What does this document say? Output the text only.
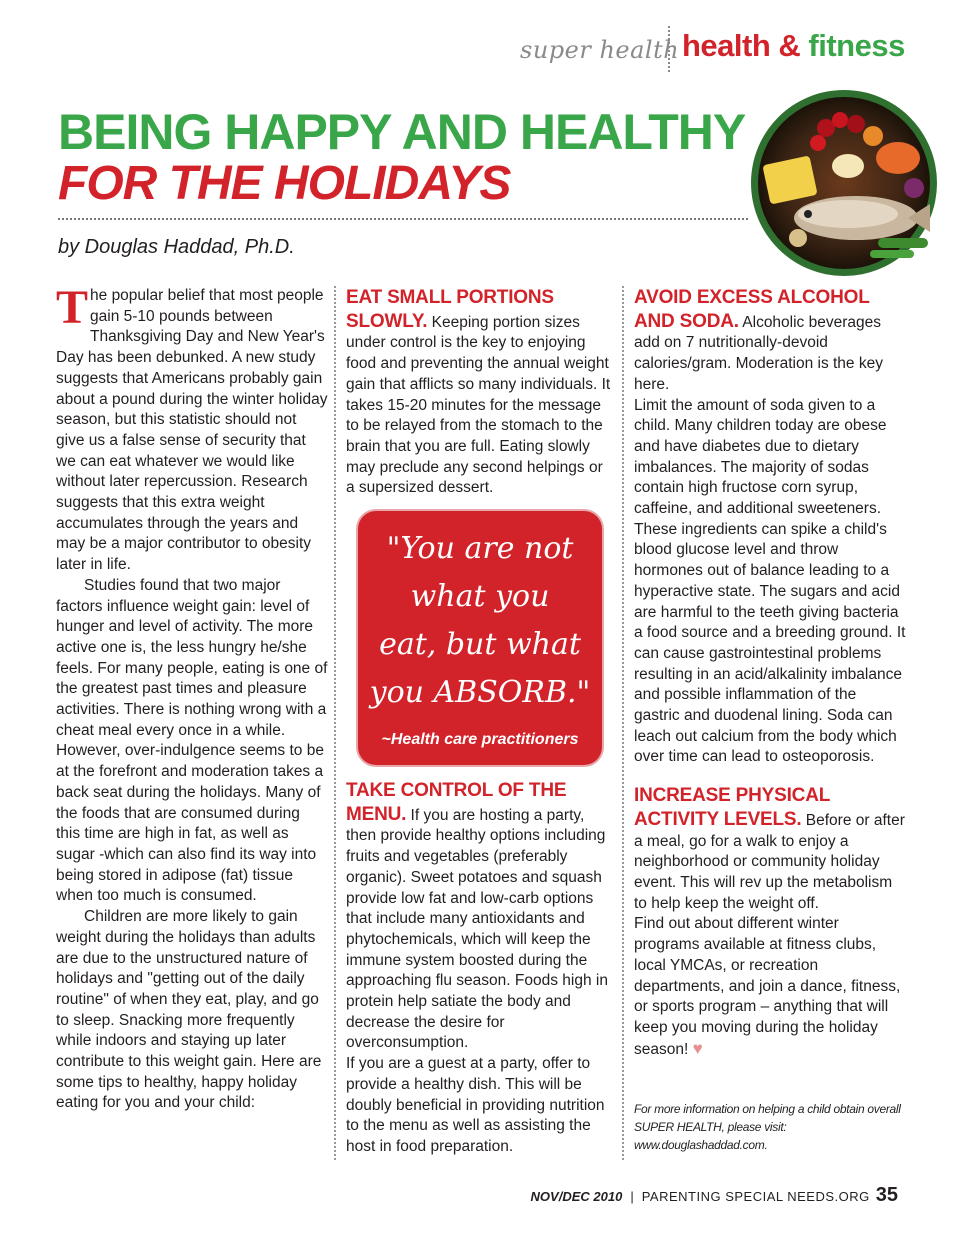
super health health & fitness
BEING HAPPY AND HEALTHY
FOR THE HOLIDAYS
by Douglas Haddad, Ph.D.

The popular belief that most people gain 5-10 pounds between Thanksgiving Day and New Year's Day has been debunked. A new study suggests that Americans probably gain about a pound during the winter holiday season, but this statistic should not give us a false sense of security that we can eat whatever we would like without later repercussion. Research suggests that this extra weight accumulates through the years and may be a major contributor to obesity later in life.

Studies found that two major factors influence weight gain: level of hunger and level of activity. The more active one is, the less hungry he/she feels. For many people, eating is one of the greatest past times and pleasure activities. There is nothing wrong with a cheat meal every once in a while. However, over-indulgence seems to be at the forefront and moderation takes a back seat during the holidays. Many of the foods that are consumed during this time are high in fat, as well as sugar -which can also find its way into being stored in adipose (fat) tissue when too much is consumed.

Children are more likely to gain weight during the holidays than adults are due to the unstructured nature of holidays and "getting out of the daily routine" of when they eat, play, and go to sleep. Snacking more frequently while indoors and staying up later contribute to this weight gain. Here are some tips to healthy, happy holiday eating for you and your child:

EAT SMALL PORTIONS SLOWLY. Keeping portion sizes under control is the key to enjoying food and preventing the annual weight gain that afflicts so many individuals. It takes 15-20 minutes for the message to be relayed from the stomach to the brain that you are full. Eating slowly may preclude any second helpings or a supersized dessert.

"You are not
what you
eat, but what
you ABSORB."
~Health care practitioners

TAKE CONTROL OF THE MENU. If you are hosting a party, then provide healthy options including fruits and vegetables (preferably organic). Sweet potatoes and squash provide low fat and low-carb options that include many antioxidants and phytochemicals, which will keep the immune system boosted during the approaching flu season. Foods high in protein help satiate the body and decrease the desire for overconsumption.

If you are a guest at a party, offer to provide a healthy dish. This will be doubly beneficial in providing nutrition to the menu as well as assisting the host in food preparation.

AVOID EXCESS ALCOHOL AND SODA. Alcoholic beverages add on 7 nutritionally-devoid calories/gram. Moderation is the key here.

Limit the amount of soda given to a child. Many children today are obese and have diabetes due to dietary imbalances. The majority of sodas contain high fructose corn syrup, caffeine, and additional sweeteners. These ingredients can spike a child's blood glucose level and throw hormones out of balance leading to a hyperactive state. The sugars and acid are harmful to the teeth giving bacteria a food source and a breeding ground. It can cause gastrointestinal problems resulting in an acid/alkalinity imbalance and possible inflammation of the gastric and duodenal lining. Soda can leach out calcium from the body which over time can lead to osteoporosis.

INCREASE PHYSICAL ACTIVITY LEVELS. Before or after a meal, go for a walk to enjoy a neighborhood or community holiday event. This will rev up the metabolism to help keep the weight off.

Find out about different winter programs available at fitness clubs, local YMCAs, or recreation departments, and join a dance, fitness, or sports program – anything that will keep you moving during the holiday season! ♥

For more information on helping a child obtain overall SUPER HEALTH, please visit: www.douglashaddad.com.

NOV/DEC 2010 | PARENTING SPECIAL NEEDS.ORG 35
